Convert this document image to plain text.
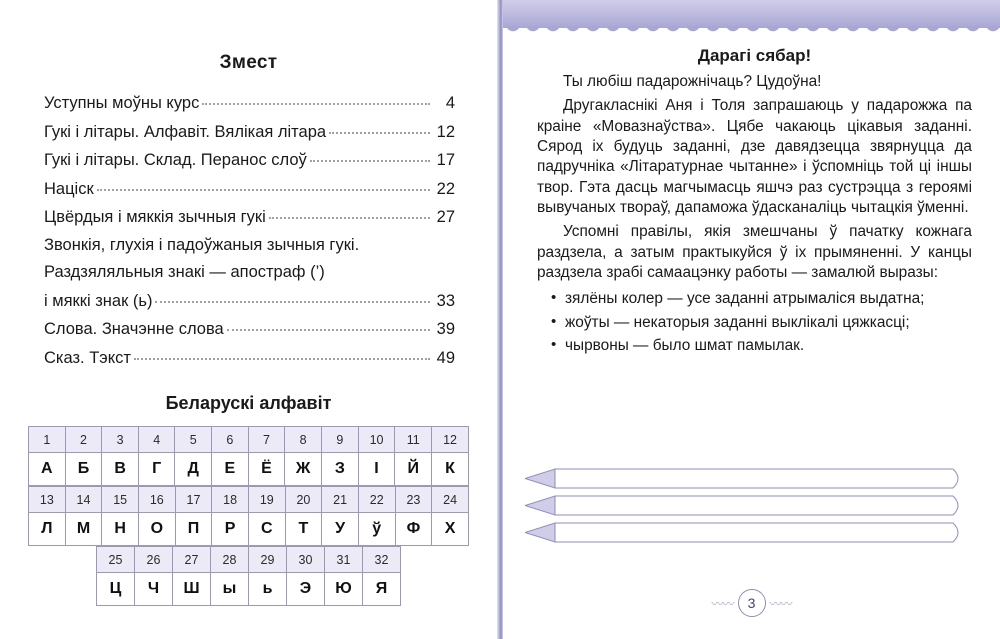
Змест
Уступны моўны курс	4
Гукі і літары. Алфавіт. Вялікая літара	12
Гукі і літары. Склад. Перанос слоў	17
Націск	22
Цвёрдыя і мяккія зычныя гукі	27
Звонкія, глухія і падоўжаныя зычныя гукі.
Раздзяляльныя знакі — апостраф (’)
і мяккі знак (ь)	33
Слова. Значэнне слова	39
Сказ. Тэкст	49
Беларускі алфавіт
1	2	3	4	5	6	7	8	9	10	11	12
А	Б	В	Г	Д	Е	Ё	Ж	З	І	Й	К
13	14	15	16	17	18	19	20	21	22	23	24
Л	М	Н	О	П	Р	С	Т	У	ў	Ф	Х
25	26	27	28	29	30	31	32
Ц	Ч	Ш	ы	ь	Э	Ю	Я
Дарагі сябар!

Ты любіш падарожнічаць? Цудоўна!

Другакласнікі Аня і Толя запрашаюць у падарожжа па краіне «Мовазнаўства». Цябе чакаюць цікавыя заданні. Сярод іх будуць заданні, дзе давядзецца звярнуцца да падручніка «Літаратурнае чытанне» і ўспомніць той ці іншы твор. Гэта дасць магчымасць яшчэ раз сустрэцца з героямі вывучаных твораў, дапаможа ўдасканаліць чытацкія ўменні.

Успомні правілы, якія змешчаны ў пачатку кожнага раздзела, а затым практыкуйся ў іх прымяненні. У канцы раздзела зрабі самаацэнку работы — замалюй выразы:

• зялёны колер — усе заданні атрымаліся выдатна;
• жоўты — некаторыя заданні выклікалі цяжкасці;
• чырвоны — было шмат памылак.
〰〰	3	〰〰
